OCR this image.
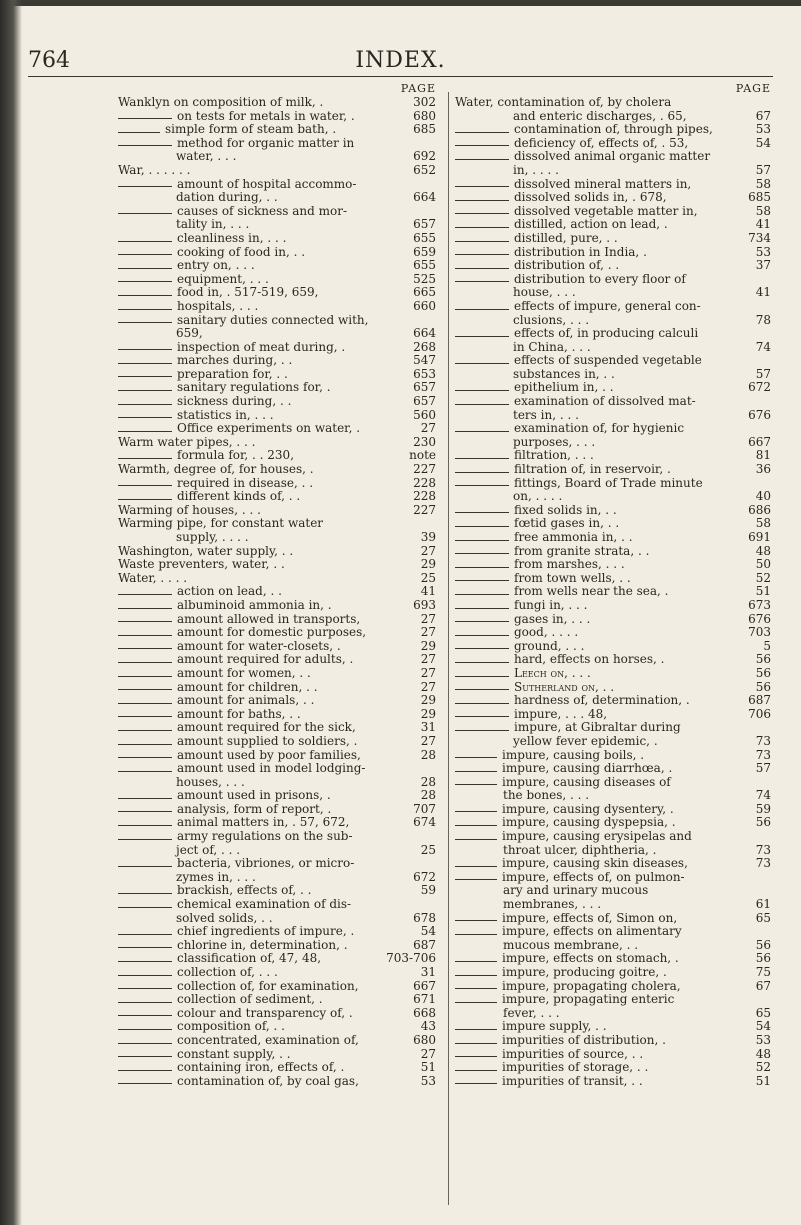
764	INDEX.
PAGE
Wanklyn on composition of milk, .	302
on tests for metals in water, .	680
simple form of steam bath, .	685
method for organic matter in
water, . . .	692
War, . . . . . .	652
amount of hospital accommo-
dation during, . .	664
causes of sickness and mor-
tality in, . . .	657
cleanliness in, . . .	655
cooking of food in, . .	659
entry on, . . .	655
equipment, . . .	525
food in, . 517-519, 659,	665
hospitals, . . .	660
sanitary duties connected with,
659,	664
inspection of meat during, .	268
marches during, . .	547
preparation for, . .	653
sanitary regulations for, .	657
sickness during, . .	657
statistics in, . . .	560
Office experiments on water, .	27
Warm water pipes, . . .	230
formula for, . . 230,	note
Warmth, degree of, for houses, .	227
required in disease, . .	228
different kinds of, . .	228
Warming of houses, . . .	227
Warming pipe, for constant water
supply, . . . .	39
Washington, water supply, . .	27
Waste preventers, water, . .	29
Water, . . . .	25
action on lead, . .	41
albuminoid ammonia in, .	693
amount allowed in transports,	27
amount for domestic purposes,	27
amount for water-closets, .	29
amount required for adults, .	27
amount for women, . .	27
amount for children, . .	27
amount for animals, . .	29
amount for baths, . .	29
amount required for the sick,	31
amount supplied to soldiers, .	27
amount used by poor families,	28
amount used in model lodging-
houses, . . .	28
amount used in prisons, .	28
analysis, form of report, .	707
animal matters in, . 57, 672,	674
army regulations on the sub-
ject of, . . .	25
bacteria, vibriones, or micro-
zymes in, . . .	672
brackish, effects of, . .	59
chemical examination of dis-
solved solids, . .	678
chief ingredients of impure, .	54
chlorine in, determination, .	687
classification of, 47, 48,	703-706
collection of, . . .	31
collection of, for examination,	667
collection of sediment, .	671
colour and transparency of, .	668
composition of, . .	43
concentrated, examination of,	680
constant supply, . .	27
containing iron, effects of, .	51
contamination of, by coal gas,	53
PAGE
Water, contamination of, by cholera
and enteric discharges, . 65,	67
contamination of, through pipes,	53
deficiency of, effects of, . 53,	54
dissolved animal organic matter
in, . . . .	57
dissolved mineral matters in,	58
dissolved solids in, . 678,	685
dissolved vegetable matter in,	58
distilled, action on lead, .	41
distilled, pure, . .	734
distribution in India, .	53
distribution of, . .	37
distribution to every floor of
house, . . .	41
effects of impure, general con-
clusions, . . .	78
effects of, in producing calculi
in China, . . .	74
effects of suspended vegetable
substances in, . .	57
epithelium in, . .	672
examination of dissolved mat-
ters in, . . .	676
examination of, for hygienic
purposes, . . .	667
filtration, . . .	81
filtration of, in reservoir, .	36
fittings, Board of Trade minute
on, . . . .	40
fixed solids in, . .	686
fœtid gases in, . .	58
free ammonia in, . .	691
from granite strata, . .	48
from marshes, . . .	50
from town wells, . .	52
from wells near the sea, .	51
fungi in, . . .	673
gases in, . . .	676
good, . . . .	703
ground, . . .	5
hard, effects on horses, .	56
Leech on, . . .	56
Sutherland on, . .	56
hardness of, determination, .	687
impure, . . . 48,	706
impure, at Gibraltar during
yellow fever epidemic, .	73
impure, causing boils, .	73
impure, causing diarrhœa, .	57
impure, causing diseases of
the bones, . . .	74
impure, causing dysentery, .	59
impure, causing dyspepsia, .	56
impure, causing erysipelas and
throat ulcer, diphtheria, .	73
impure, causing skin diseases,	73
impure, effects of, on pulmon-
ary and urinary mucous
membranes, . . .	61
impure, effects of, Simon on,	65
impure, effects on alimentary
mucous membrane, . .	56
impure, effects on stomach, .	56
impure, producing goitre, .	75
impure, propagating cholera,	67
impure, propagating enteric
fever, . . .	65
impure supply, . .	54
impurities of distribution, .	53
impurities of source, . .	48
impurities of storage, . .	52
impurities of transit, . .	51
